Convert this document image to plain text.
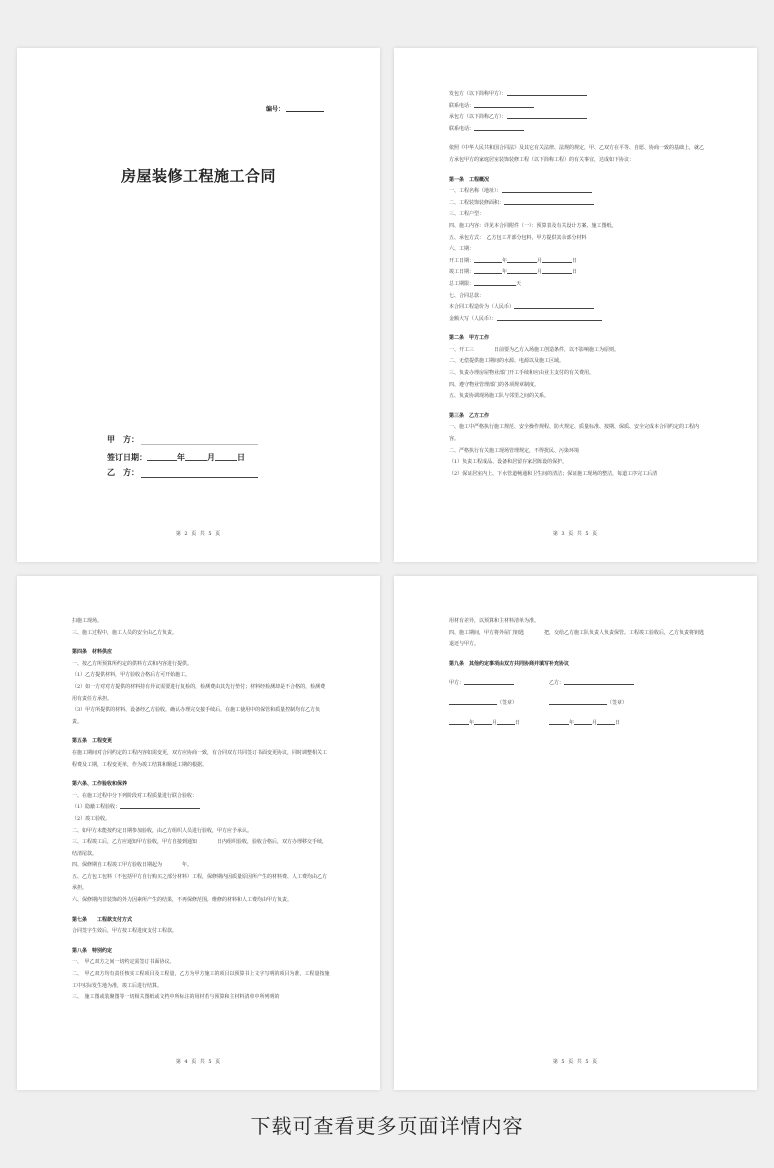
编号：
房屋装修工程施工合同
甲　方：
乙　方：
签订日期：	年	月	日
第 2 页 共 5 页
发包方（以下简称甲方）：
联系电话：
承包方（以下简称乙方）：
联系电话：
依照《中华人民共和国合同法》及其它有关法律、法规的规定，甲、乙双方在平等、自愿、协商一致的基础上，就乙方承包甲方的家庭居室装饰装修工程（以下简称工程）的有关事宜，达成如下协议：
第一条　工程概况
一、工程名称（地址）：
二、工程装饰装修面积：
三、工程户型：
四、施工内容：详见本合同附件（一）：预算表及有关设计方案、施工图纸。
五、承包方式：　乙方包工并部分包料，甲方提供其余部分材料
六、工期：
开工日期：	年	月	日
竣工日期：	年	月	日
总工期限：	天
七、合同总款：
本合同工程造价为（人民币）
金额大写（人民币）：
第二条　甲方工作
一、开工三　　　　日前要为乙方入场施工创造条件，以不影响施工为原则。
二、无偿提供施工期间的水源、电源以及施工区域。
三、负责办理房屋物业部门开工手续和应由业主支付的有关费用。
四、遵守物业管理部门的各项规章制度。
五、负责协调现场施工队与邻里之间的关系。
第三条　乙方工作
一、施工中严格执行施工规范、安全操作规程、防火规定、质量标准、按期、保质、安全完成本合同约定的工程内容。
二、严格执行有关施工现场管理规定，不得扰民、污染环境
（1）负责工程成品、设备和居留存家居陈设的保护。
（2）保证居室内上、下水管道畅通和卫生间的清洁；保证施工现场的整洁，每道工序完工后清
第 3 页 共 5 页
扫施工现场。
三、施工过程中，施工人员的安全由乙方负责。
第四条　材料供应
一、按乙方所预算所约定的供料方式和内容进行提供。
（1）乙方提供材料，甲方验收合格后方可开始施工。
（2）如一方对对方提供的材料持有异议需要进行复检的，检测费由其先行垫付；材料经检测却是不合格的，检测费用有责任方承担。
（3）甲方所提供的材料、设备经乙方验收，确认办理完交接手续后，在施工使用中的保管和质量控制均有乙方负责。
第五条　工程变更
在施工期间对合同约定的工程内容如需变更，双方应协商一致，有合同双方共同签订书面变更协议，同时调整相关工程费及工期，工程变更单，作为竣工结算和顺延工期的根据。
第六条、工作验收和保养
一、在施工过程中分下列阶段对工程质量进行联合验收：
（1）隐蔽工程验收：
（2）竣工验收。
二、如甲方未能按约定日期参加验收，由乙方组织人员进行验收，甲方应予承认。
三、工程竣工后，乙方应通知甲方验收，甲方自接到通知　　　　日内组织验收，验收合格后，双方办理移交手续，结清尾款。
四、保修期自工程竣工甲方验收日期起为　　　　年。
五、乙方包工包料（不包括甲方自行购买之部分材料）工程，保修期内因质量原因所产生的材料费、人工费均由乙方承担。
六、保修期内非装饰的外力因素所产生的结果，不再保修范围，维修的材料和人工费均由甲方负责。
第七条　　工程款支付方式
合同签字生效后，甲方按工程进度支付工程款。
第八条　特别约定
一、　甲乙双方之间一切约定需签订书面协议。
二、　甲乙双方均有责任核实工程项目及工程量，乙方为甲方施工的项目以预算书上文字写明的项目为准，工程量按施工中实际发生地为准，竣工后进行结算。
三、　施工图或装聚图等一切相关图纸或文档中所标注的用材若与预算和主材料清单中所列明的
第 4 页 共 5 页
用材有差异，以预算和主材料清单为准。
四、施工期间，甲方将外屋门钥匙　　　　把，交给乙方施工队负责人负责保管。工程竣工验收后，乙方负责将钥匙退还与甲方。
第九条　其他约定事项由双方共同协商并填写补充协议
甲方：	乙方：
（签章）	（签章）
年	月	日	年	月	日
第 5 页 共 5 页
下载可查看更多页面详情内容
